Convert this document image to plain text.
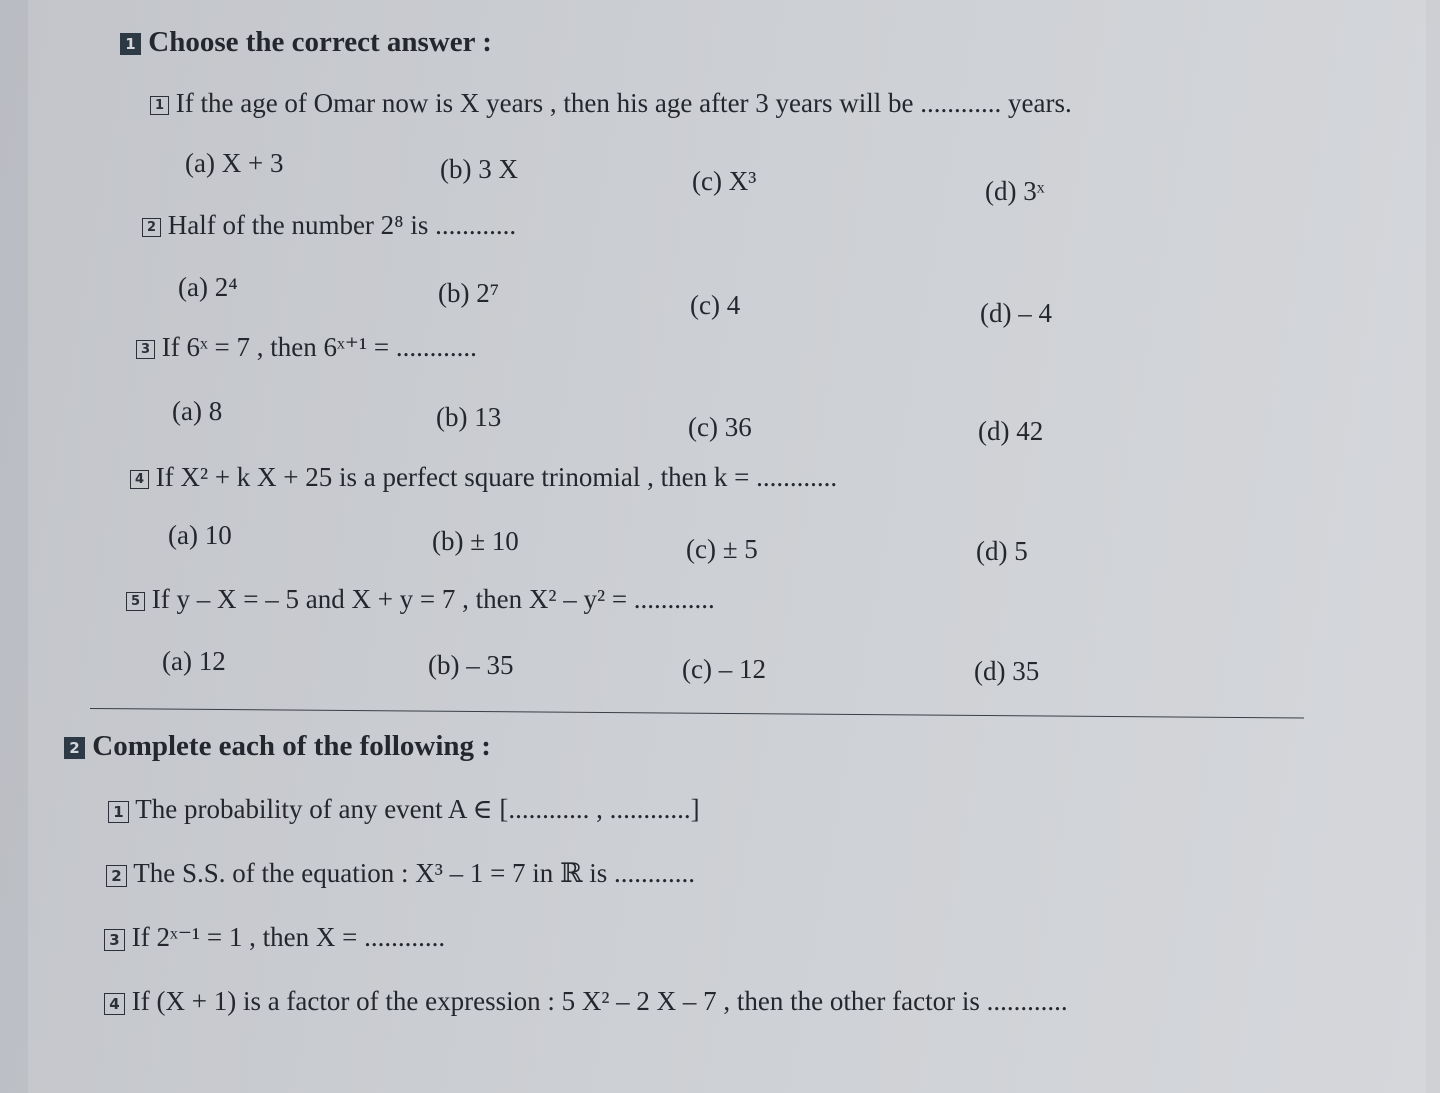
1 Choose the correct answer :
1 If the age of Omar now is X years , then his age after 3 years will be ............ years.
(a) X + 3	(b) 3 X	(c) X³	(d) 3ˣ
2 Half of the number 2⁸ is ............
(a) 2⁴	(b) 2⁷	(c) 4	(d) – 4
3 If 6ˣ = 7 , then 6ˣ⁺¹ = ............
(a) 8	(b) 13	(c) 36	(d) 42
4 If X² + k X + 25 is a perfect square trinomial , then k = ............
(a) 10	(b) ± 10	(c) ± 5	(d) 5
5 If y – X = – 5 and X + y = 7 , then X² – y² = ............
(a) 12	(b) – 35	(c) – 12	(d) 35
2 Complete each of the following :
1 The probability of any event A ∈ [............ , ............]
2 The S.S. of the equation : X³ – 1 = 7 in ℝ is ............
3 If 2ˣ⁻¹ = 1 , then X = ............
4 If (X + 1) is a factor of the expression : 5 X² – 2 X – 7 , then the other factor is ............
